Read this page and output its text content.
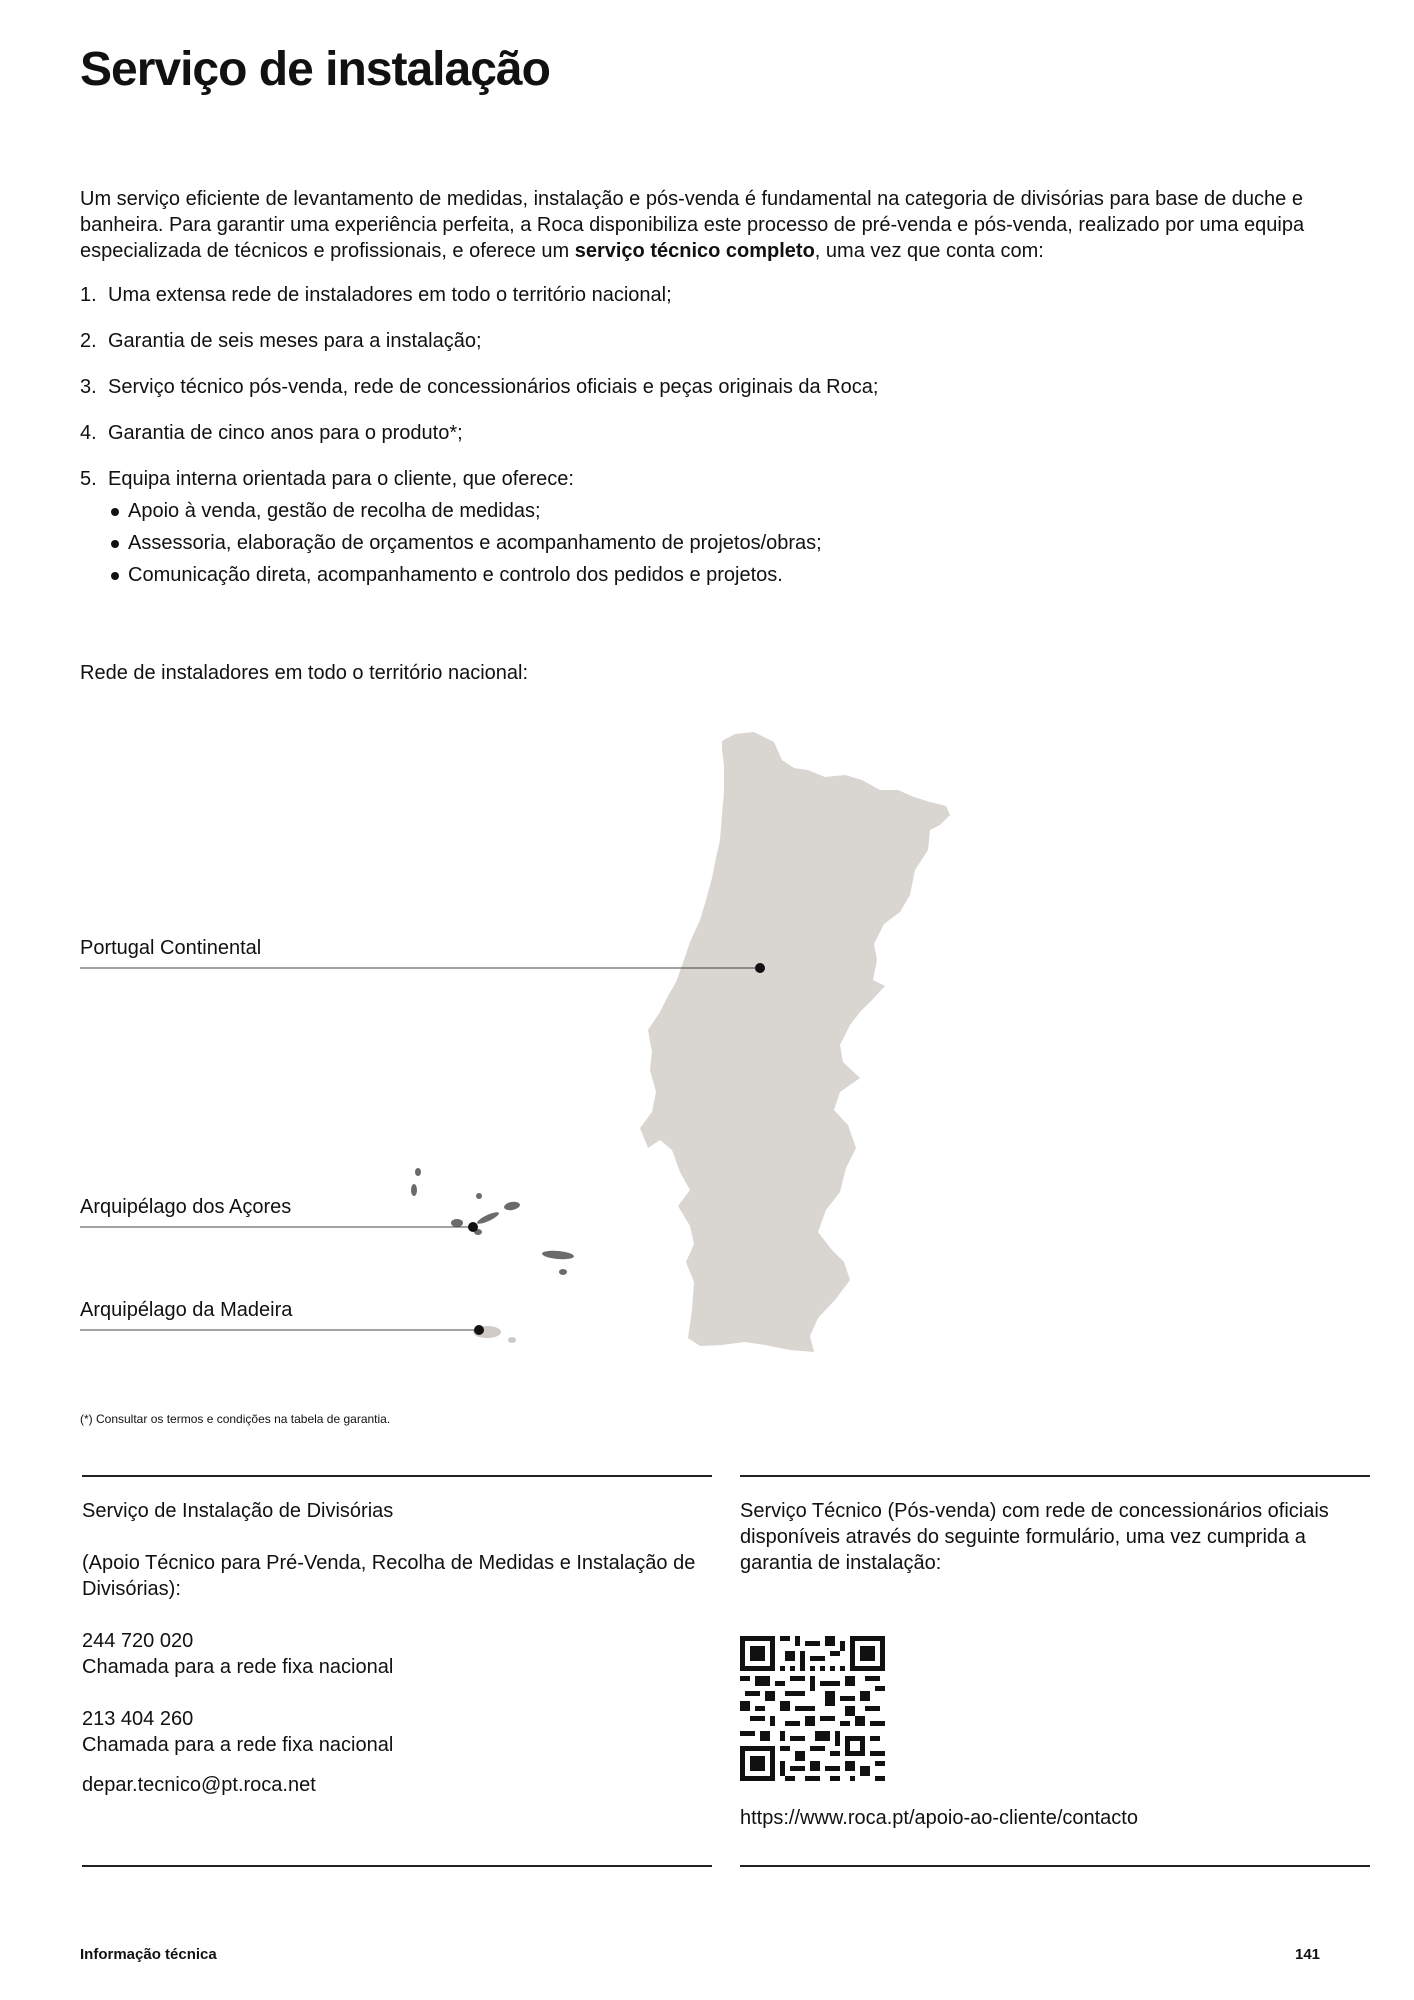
Serviço de instalação

Um serviço eficiente de levantamento de medidas, instalação e pós-venda é fundamental na categoria de divisórias para base de duche e banheira. Para garantir uma experiência perfeita, a Roca disponibiliza este processo de pré-venda e pós-venda, realizado por uma equipa especializada de técnicos e profissionais, e oferece um serviço técnico completo, uma vez que conta com:

1. Uma extensa rede de instaladores em todo o território nacional;
2. Garantia de seis meses para a instalação;
3. Serviço técnico pós-venda, rede de concessionários oficiais e peças originais da Roca;
4. Garantia de cinco anos para o produto*;
5. Equipa interna orientada para o cliente, que oferece:
Apoio à venda, gestão de recolha de medidas;
Assessoria, elaboração de orçamentos e acompanhamento de projetos/obras;
Comunicação direta, acompanhamento e controlo dos pedidos e projetos.
Rede de instaladores em todo o território nacional:
Portugal Continental
Arquipélago dos Açores
Arquipélago da Madeira
(*) Consultar os termos e condições na tabela de garantia.

Serviço de Instalação de Divisórias

(Apoio Técnico para Pré-Venda, Recolha de Medidas e Instalação de Divisórias):

244 720 020
Chamada para a rede fixa nacional

213 404 260
Chamada para a rede fixa nacional

depar.tecnico@pt.roca.net

Serviço Técnico (Pós-venda) com rede de concessionários oficiais disponíveis através do seguinte formulário, uma vez cumprida a garantia de instalação:

https://www.roca.pt/apoio-ao-cliente/contacto
Informação técnica	141
